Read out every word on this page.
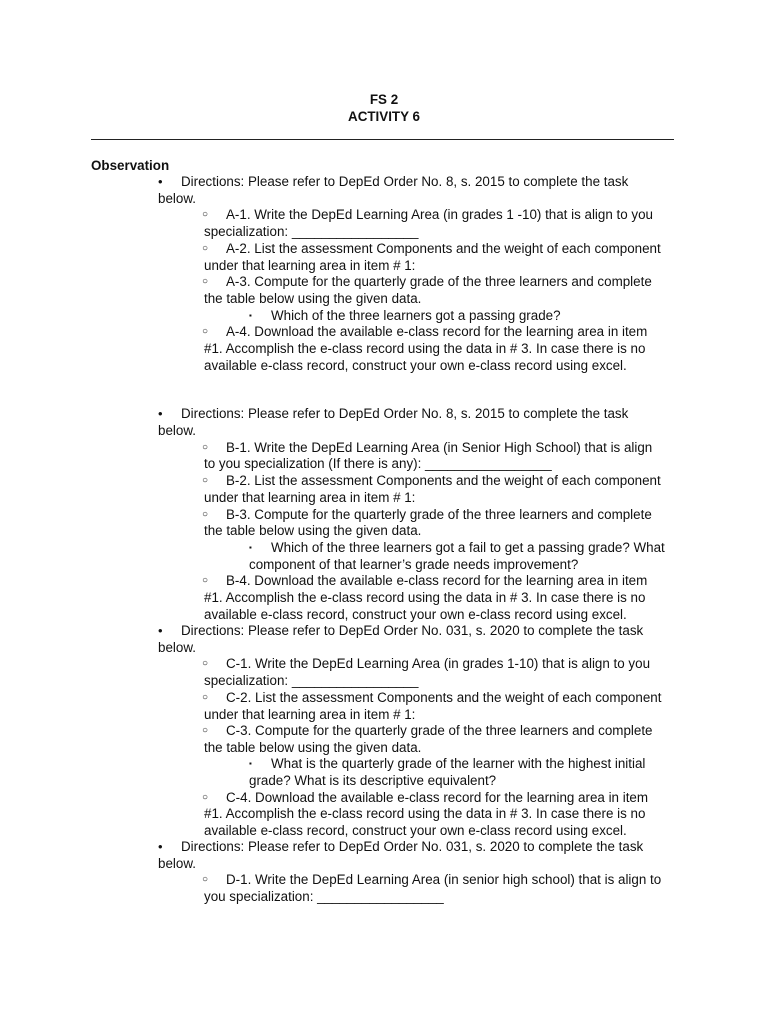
FS 2
ACTIVITY 6
Observation
• Directions: Please refer to DepEd Order No. 8, s. 2015 to complete the task
below.
○ A-1. Write the DepEd Learning Area (in grades 1 -10) that is align to you
specialization: _________________
○ A-2. List the assessment Components and the weight of each component
under that learning area in item # 1:
○ A-3. Compute for the quarterly grade of the three learners and complete
the table below using the given data.
▪ Which of the three learners got a passing grade?
○ A-4. Download the available e-class record for the learning area in item
#1. Accomplish the e-class record using the data in # 3. In case there is no
available e-class record, construct your own e-class record using excel.
• Directions: Please refer to DepEd Order No. 8, s. 2015 to complete the task
below.
○ B-1. Write the DepEd Learning Area (in Senior High School) that is align
to you specialization (If there is any): _________________
○ B-2. List the assessment Components and the weight of each component
under that learning area in item # 1:
○ B-3. Compute for the quarterly grade of the three learners and complete
the table below using the given data.
▪ Which of the three learners got a fail to get a passing grade? What
component of that learner’s grade needs improvement?
○ B-4. Download the available e-class record for the learning area in item
#1. Accomplish the e-class record using the data in # 3. In case there is no
available e-class record, construct your own e-class record using excel.
• Directions: Please refer to DepEd Order No. 031, s. 2020 to complete the task
below.
○ C-1. Write the DepEd Learning Area (in grades 1-10) that is align to you
specialization: _________________
○ C-2. List the assessment Components and the weight of each component
under that learning area in item # 1:
○ C-3. Compute for the quarterly grade of the three learners and complete
the table below using the given data.
▪ What is the quarterly grade of the learner with the highest initial
grade? What is its descriptive equivalent?
○ C-4. Download the available e-class record for the learning area in item
#1. Accomplish the e-class record using the data in # 3. In case there is no
available e-class record, construct your own e-class record using excel.
• Directions: Please refer to DepEd Order No. 031, s. 2020 to complete the task
below.
○ D-1. Write the DepEd Learning Area (in senior high school) that is align to
you specialization: _________________
